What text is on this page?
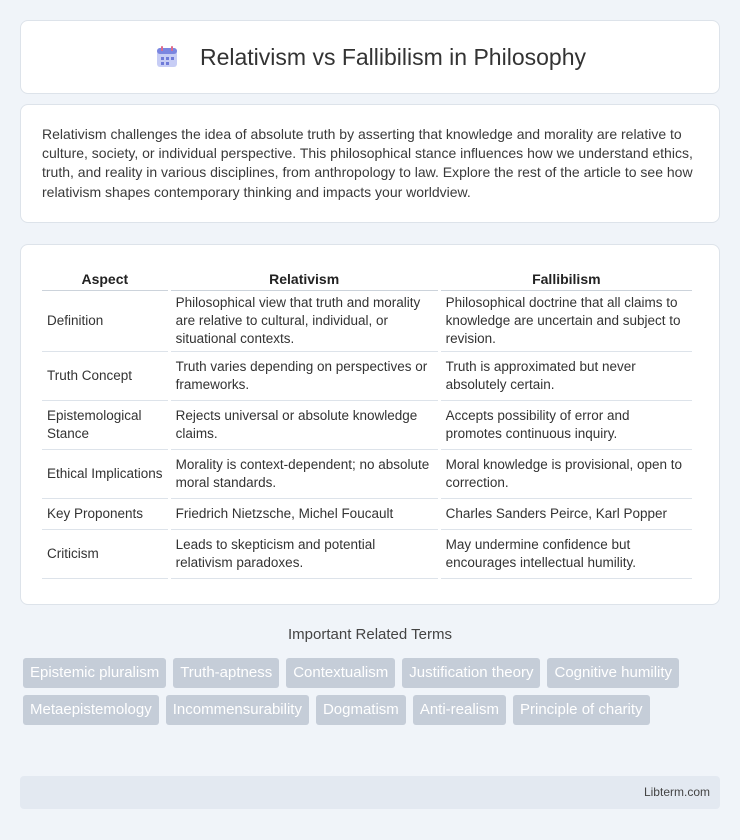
Relativism vs Fallibilism in Philosophy

Relativism challenges the idea of absolute truth by asserting that knowledge and morality are relative to culture, society, or individual perspective. This philosophical stance influences how we understand ethics, truth, and reality in various disciplines, from anthropology to law. Explore the rest of the article to see how relativism shapes contemporary thinking and impacts your worldview.

Aspect	Relativism	Fallibilism
Definition	Philosophical view that truth and morality are relative to cultural, individual, or situational contexts.	Philosophical doctrine that all claims to knowledge are uncertain and subject to revision.
Truth Concept	Truth varies depending on perspectives or frameworks.	Truth is approximated but never absolutely certain.
Epistemological Stance	Rejects universal or absolute knowledge claims.	Accepts possibility of error and promotes continuous inquiry.
Ethical Implications	Morality is context-dependent; no absolute moral standards.	Moral knowledge is provisional, open to correction.
Key Proponents	Friedrich Nietzsche, Michel Foucault	Charles Sanders Peirce, Karl Popper
Criticism	Leads to skepticism and potential relativism paradoxes.	May undermine confidence but encourages intellectual humility.
Important Related Terms
Epistemic pluralism	Truth-aptness	Contextualism	Justification theory	Cognitive humility
Metaepistemology	Incommensurability	Dogmatism	Anti-realism	Principle of charity
Libterm.com
